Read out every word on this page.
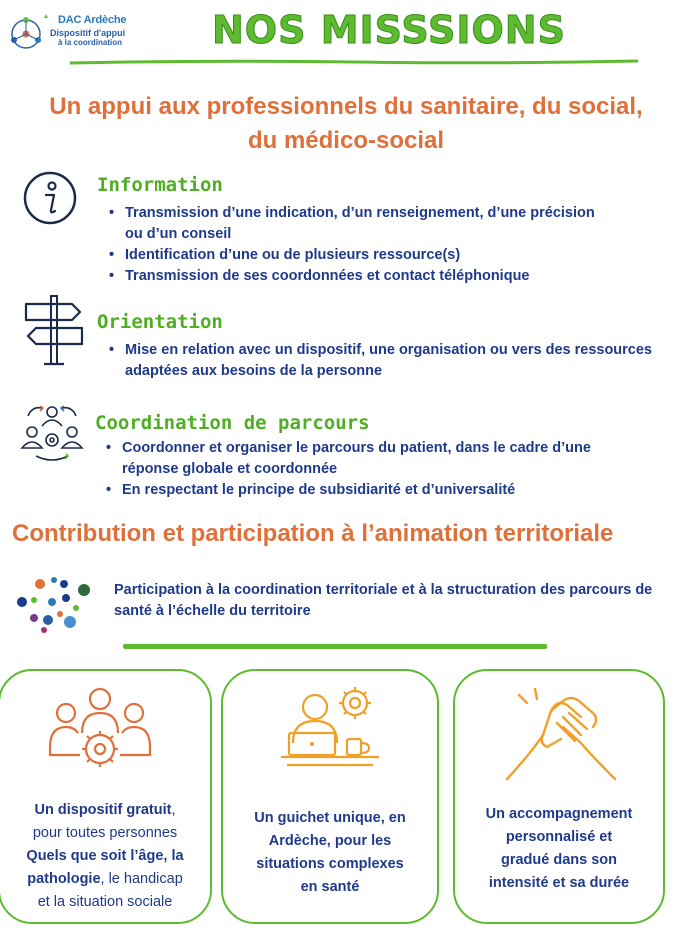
DAC Ardèche
Dispositif d'appui
à la coordination NOS MISSSIONS
Un appui aux professionnels du sanitaire, du social,
du médico-social
Information
• Transmission d’une indication, d’un renseignement, d’une précision ou d’un conseil
• Identification d’une ou de plusieurs ressource(s)
• Transmission de ses coordonnées et contact téléphonique
Orientation
• Mise en relation avec un dispositif, une organisation ou vers des ressources adaptées aux besoins de la personne
Coordination de parcours
• Coordonner et organiser le parcours du patient, dans le cadre d’une réponse globale et coordonnée
• En respectant le principe de subsidiarité et d’universalité
Contribution et participation à l’animation territoriale
Participation à la coordination territoriale et à la structuration des parcours de santé à l’échelle du territoire
Un dispositif gratuit,
pour toutes personnes
Quels que soit l’âge, la
pathologie, le handicap
et la situation sociale
Un guichet unique, en
Ardèche, pour les
situations complexes
en santé
Un accompagnement
personnalisé et
gradué dans son
intensité et sa durée
